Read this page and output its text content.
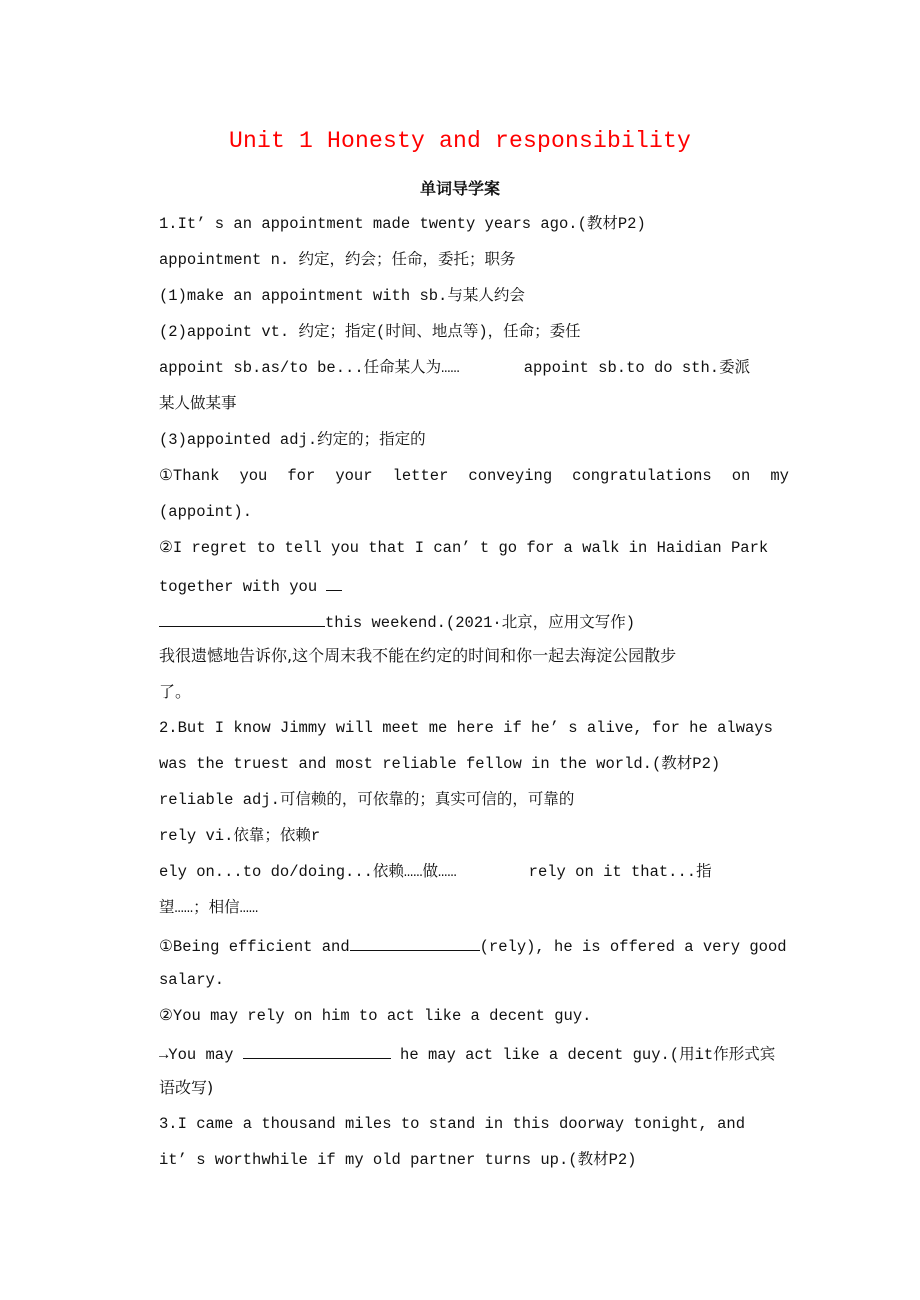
Unit 1 Honesty and responsibility
单词导学案
1.It’ s an appointment made twenty years ago.(教材P2)
appointment n. 约定，约会；任命，委托；职务
(1)make an appointment with sb.与某人约会
(2)appoint vt. 约定；指定(时间、地点等)，任命；委任
appoint sb.as/to be...任命某人为……	appoint sb.to do sth.委派
某人做某事
(3)appointed adj.约定的；指定的
①Thank you for your letter conveying congratulations on my
(appoint).
②I regret to tell you that I can’ t go for a walk in Haidian Park
together with you
this weekend.(2021·北京，应用文写作)
我很遗憾地告诉你,这个周末我不能在约定的时间和你一起去海淀公园散步
了。
2.But I know Jimmy will meet me here if he’ s alive, for he always
was the truest and most reliable fellow in the world.(教材P2)
reliable adj.可信赖的，可依靠的；真实可信的，可靠的
rely vi.依靠；依赖r
ely on...to do/doing...依赖……做……	rely on it that...指
望……；相信……
①Being efficient and	(rely), he is offered a very good
salary.
②You may rely on him to act like a decent guy.
→You may	he may act like a decent guy.(用it作形式宾
语改写)
3.I came a thousand miles to stand in this doorway tonight, and
it’ s worthwhile if my old partner turns up.(教材P2)
